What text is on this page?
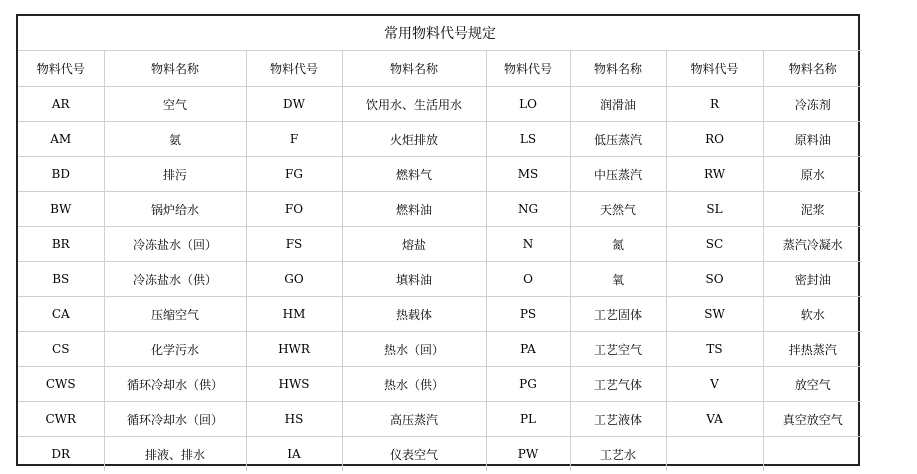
常用物料代号规定							
物料代号	物料名称	物料代号	物料名称	物料代号	物料名称	物料代号	物料名称
AR	空气	DW	饮用水、生活用水	LO	润滑油	R	冷冻剂
AM	氨	F	火炬排放	LS	低压蒸汽	RO	原料油
BD	排污	FG	燃料气	MS	中压蒸汽	RW	原水
BW	锅炉给水	FO	燃料油	NG	天然气	SL	泥浆
BR	冷冻盐水（回）	FS	熔盐	N	氮	SC	蒸汽冷凝水
BS	冷冻盐水（供）	GO	填料油	O	氧	SO	密封油
CA	压缩空气	HM	热载体	PS	工艺固体	SW	软水
CS	化学污水	HWR	热水（回）	PA	工艺空气	TS	拌热蒸汽
CWS	循环冷却水（供）	HWS	热水（供）	PG	工艺气体	V	放空气
CWR	循环冷却水（回）	HS	高压蒸汽	PL	工艺液体	VA	真空放空气
DR	排液、排水	IA	仪表空气	PW	工艺水		
